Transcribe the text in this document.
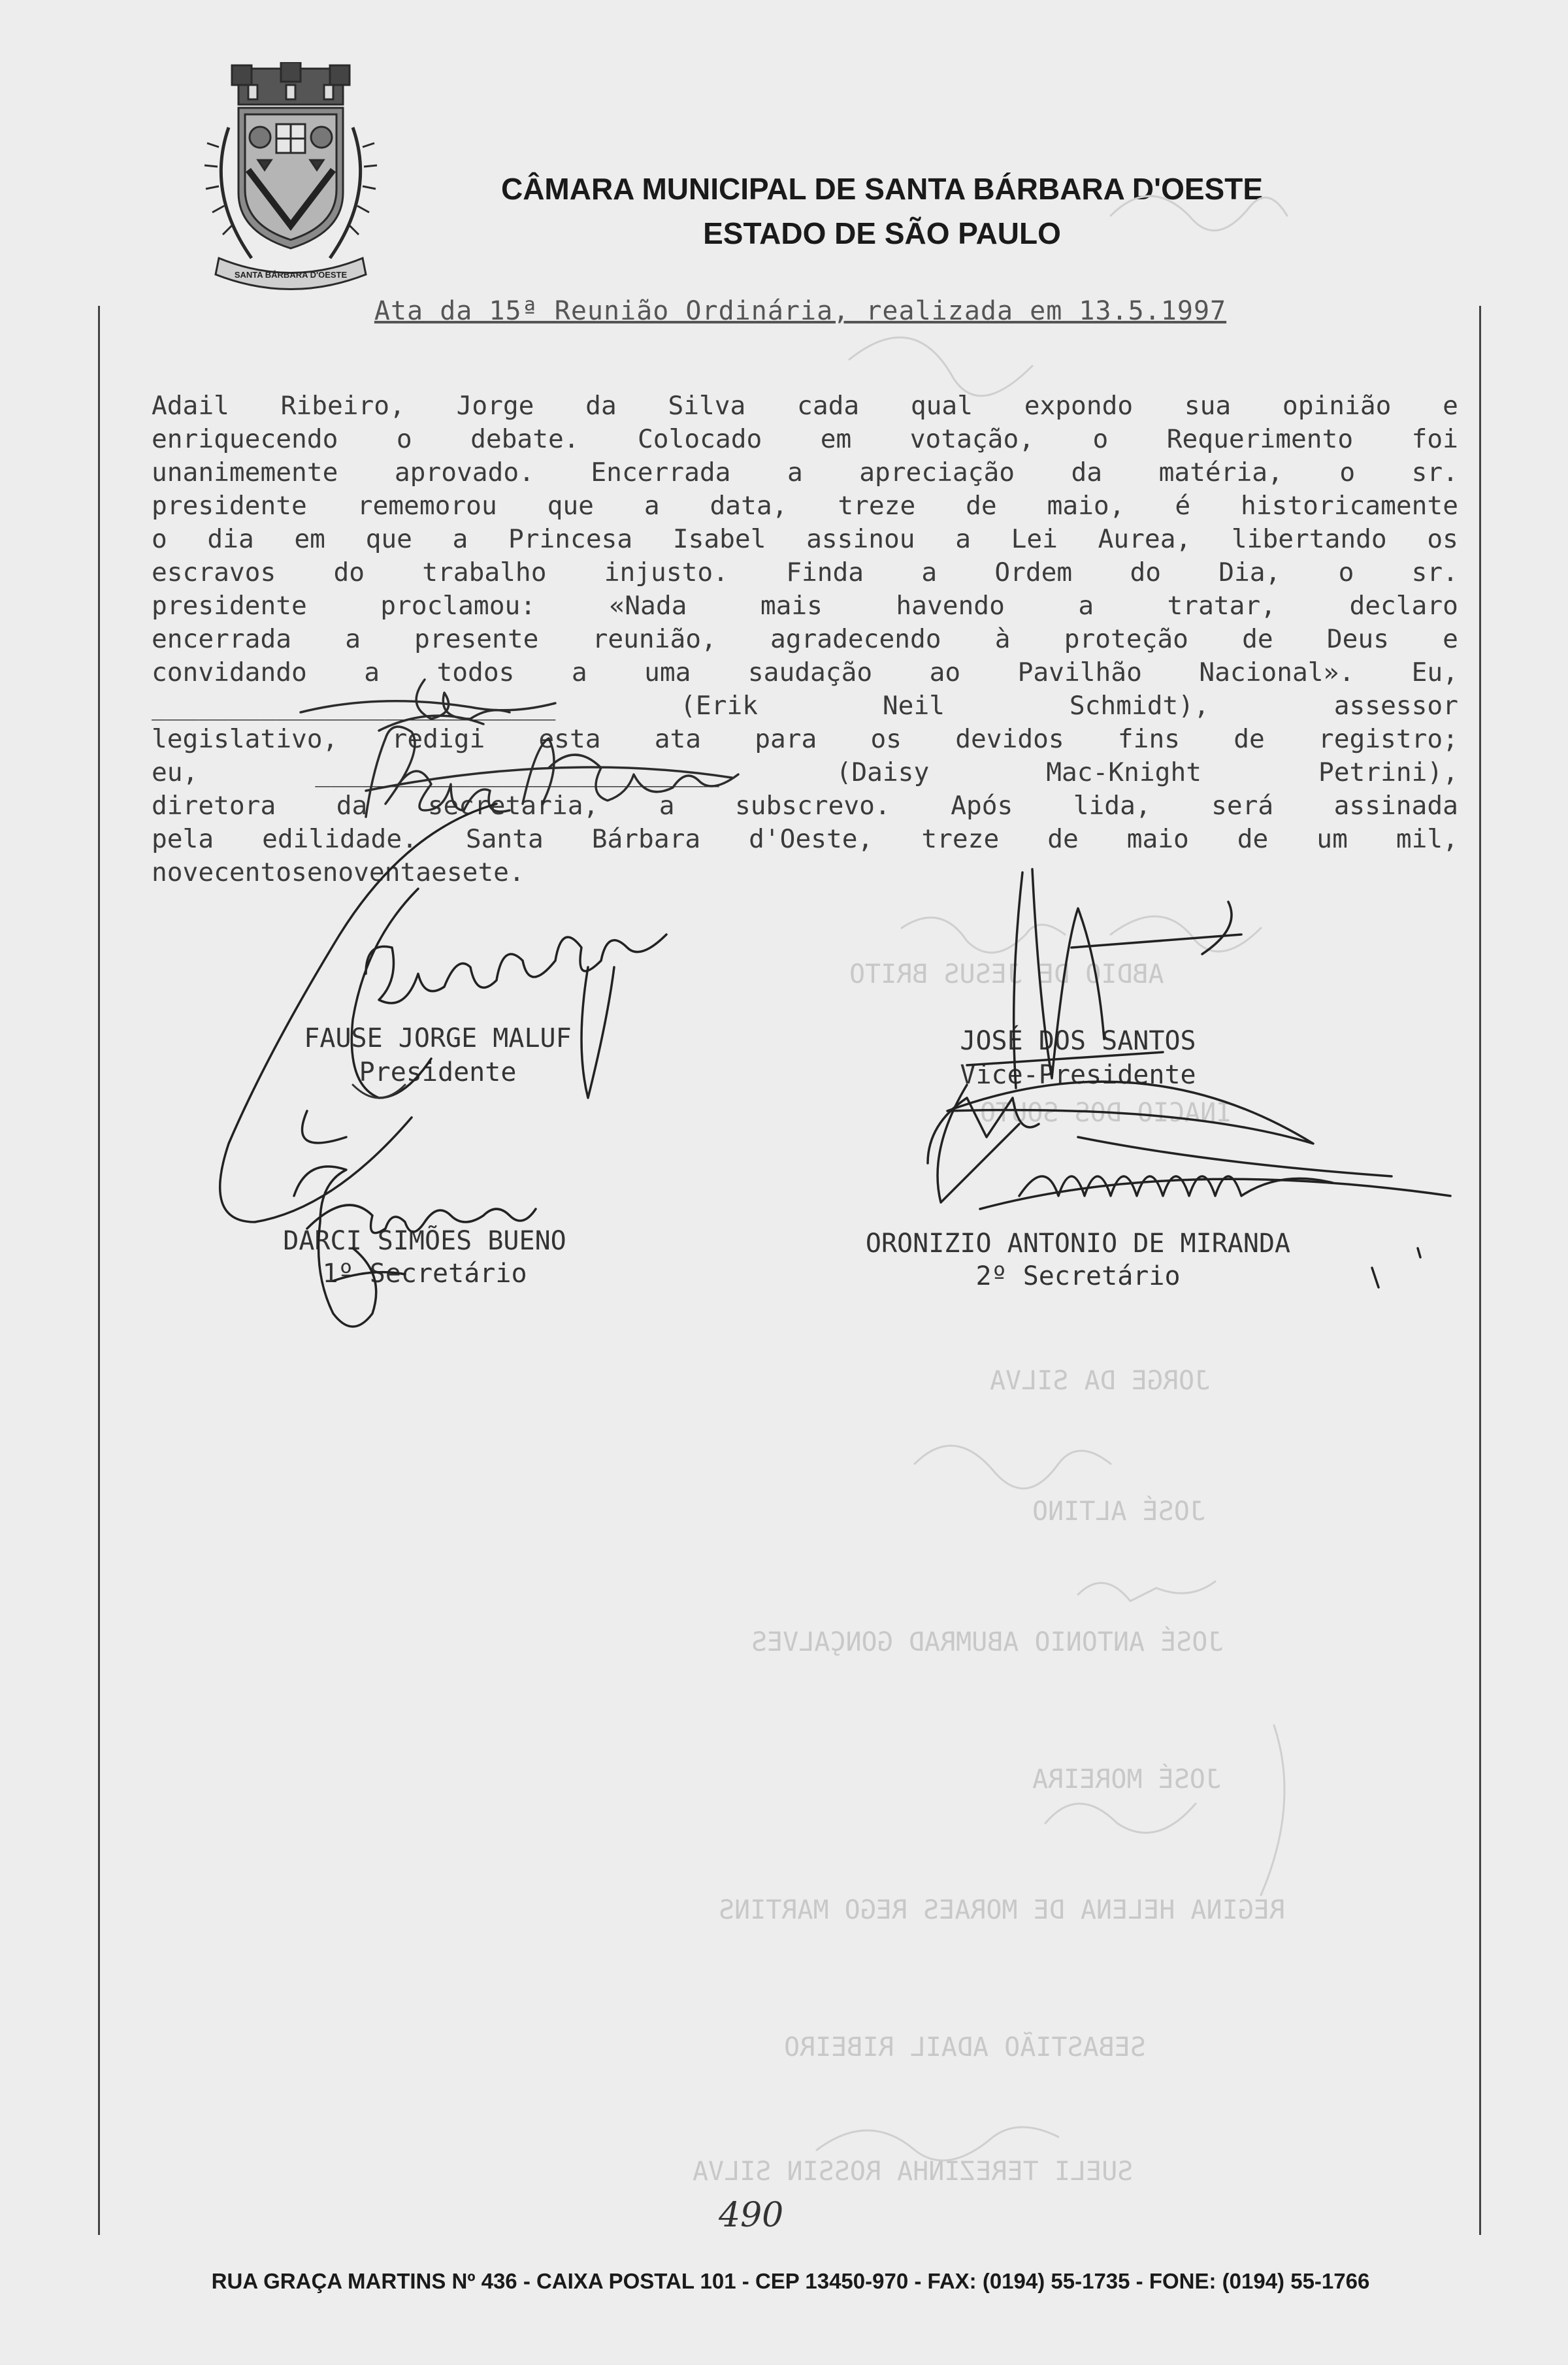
SANTA BÁRBARA D'OESTE
CÂMARA MUNICIPAL DE SANTA BÁRBARA D'OESTE
ESTADO DE SÃO PAULO
Ata da 15ª Reunião Ordinária, realizada em 13.5.1997
ABDIO DE JESUS BRITO
INACIO DOS SOUTO
JORGE DA SILVA
JOSÉ ALTINO
JOSÉ ANTONIO ABUMRAD GONÇALVES
JOSÉ MOREIRA
REGINA HELENA DE MORAES REGO MARTINS
SEBASTIÃO ADAIL RIBEIRO
SUELI TEREZINHA ROSSIN SILVA
Adail Ribeiro, Jorge da Silva cada qual expondo sua opinião e
enriquecendo o debate. Colocado em votação, o Requerimento foi
unanimemente aprovado. Encerrada a apreciação da matéria, o sr.
presidente rememorou que a data, treze de maio, é historicamente
o dia em que a Princesa Isabel assinou a Lei Aurea, libertando os
escravos do trabalho injusto. Finda a Ordem do Dia, o sr.
presidente	proclamou:	«Nada	mais	havendo	a	tratar,	declaro
encerrada a presente reunião, agradecendo à proteção de Deus e
convidando a todos a uma saudação ao Pavilhão Nacional». Eu,
__________________________	(Erik	Neil	Schmidt),	assessor
legislativo, redigi esta ata para os devidos fins de registro;
eu,	__________________________	(Daisy	Mac-Knight	Petrini),
diretora da secretaria, a subscrevo. Após lida, será assinada
pela edilidade. Santa Bárbara d'Oeste, treze de maio de um mil,
novecentos e noventa e sete.
FAUSE JORGE MALUF
Presidente
JOSÉ DOS SANTOS
Vice-Presidente
DARCI SIMÕES BUENO
1º Secretário
ORONIZIO ANTONIO DE MIRANDA
2º Secretário
490
RUA GRAÇA MARTINS Nº 436 - CAIXA POSTAL 101 - CEP 13450-970 - FAX: (0194) 55-1735 - FONE: (0194) 55-1766
